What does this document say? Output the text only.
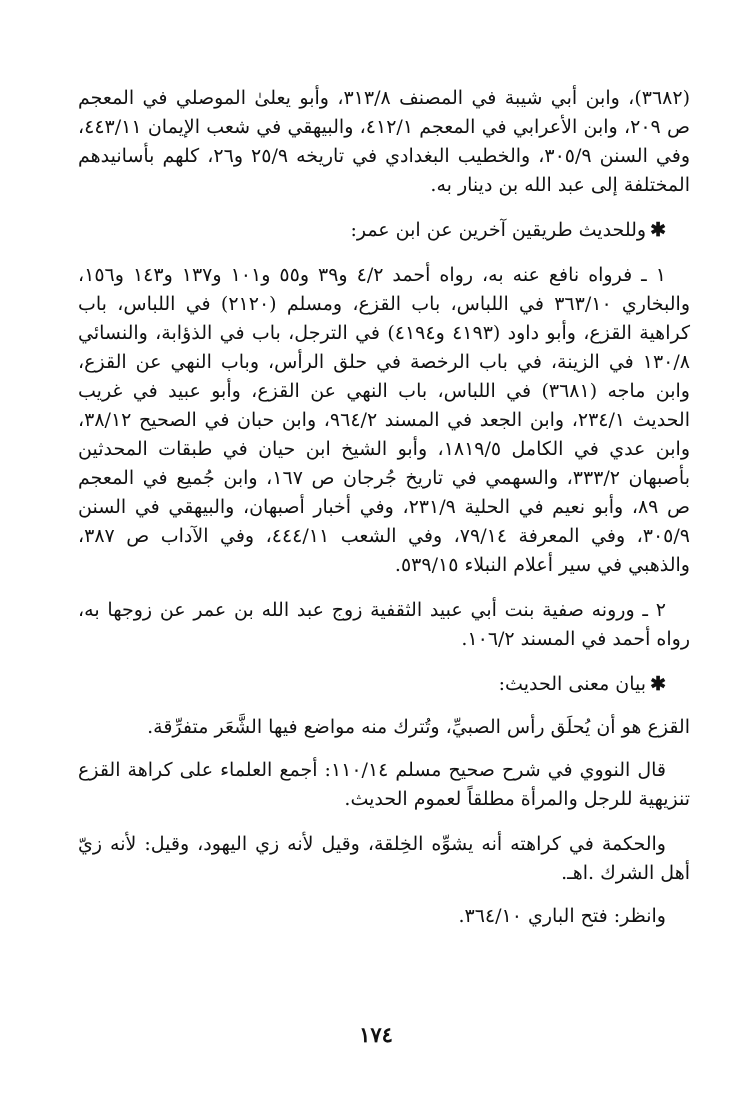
(٣٦٨٢)، وابن أبي شيبة في المصنف ٣١٣/٨، وأبو يعلىٰ الموصلي في المعجم ص ٢٠٩، وابن الأعرابي في المعجم ٤١٢/١، والبيهقي في شعب الإيمان ٤٤٣/١١، وفي السنن ٣٠٥/٩، والخطيب البغدادي في تاريخه ٢٥/٩ و٢٦، كلهم بأسانيدهم المختلفة إلى عبد الله بن دينار به.

✱وللحديث طريقين آخرين عن ابن عمر:

١ ـ فرواه نافع عنه به، رواه أحمد ٤/٢ و٣٩ و٥٥ و١٠١ و١٣٧ و١٤٣ و١٥٦، والبخاري ٣٦٣/١٠ في اللباس، باب القزع، ومسلم (٢١٢٠) في اللباس، باب كراهية القزع، وأبو داود (٤١٩٣ و٤١٩٤) في الترجل، باب في الذؤابة، والنسائي ١٣٠/٨ في الزينة، في باب الرخصة في حلق الرأس، وباب النهي عن القزع، وابن ماجه (٣٦٨١) في اللباس، باب النهي عن القزع، وأبو عبيد في غريب الحديث ٢٣٤/١، وابن الجعد في المسند ٩٦٤/٢، وابن حبان في الصحيح ٣٨/١٢، وابن عدي في الكامل ١٨١٩/٥، وأبو الشيخ ابن حيان في طبقات المحدثين بأصبهان ٣٣٣/٢، والسهمي في تاريخ جُرجان ص ١٦٧، وابن جُميع في المعجم ص ٨٩، وأبو نعيم في الحلية ٢٣١/٩، وفي أخبار أصبهان، والبيهقي في السنن ٣٠٥/٩، وفي المعرفة ٧٩/١٤، وفي الشعب ٤٤٤/١١، وفي الآداب ص ٣٨٧، والذهبي في سير أعلام النبلاء ٥٣٩/١٥.

٢ ـ ورونه صفية بنت أبي عبيد الثقفية زوج عبد الله بن عمر عن زوجها به، رواه أحمد في المسند ١٠٦/٢.

✱بيان معنى الحديث:

القزع هو أن يُحلَق رأس الصبيِّ، وتُترك منه مواضع فيها الشَّعَر متفرِّقة.

قال النووي في شرح صحيح مسلم ١١٠/١٤: أجمع العلماء على كراهة القزع تنزيهية للرجل والمرأة مطلقاً لعموم الحديث.

والحكمة في كراهته أنه يشوِّه الخِلقة، وقيل لأنه زي اليهود، وقيل: لأنه زيّ أهل الشرك .اهـ.

وانظر: فتح الباري ٣٦٤/١٠.

١٧٤
